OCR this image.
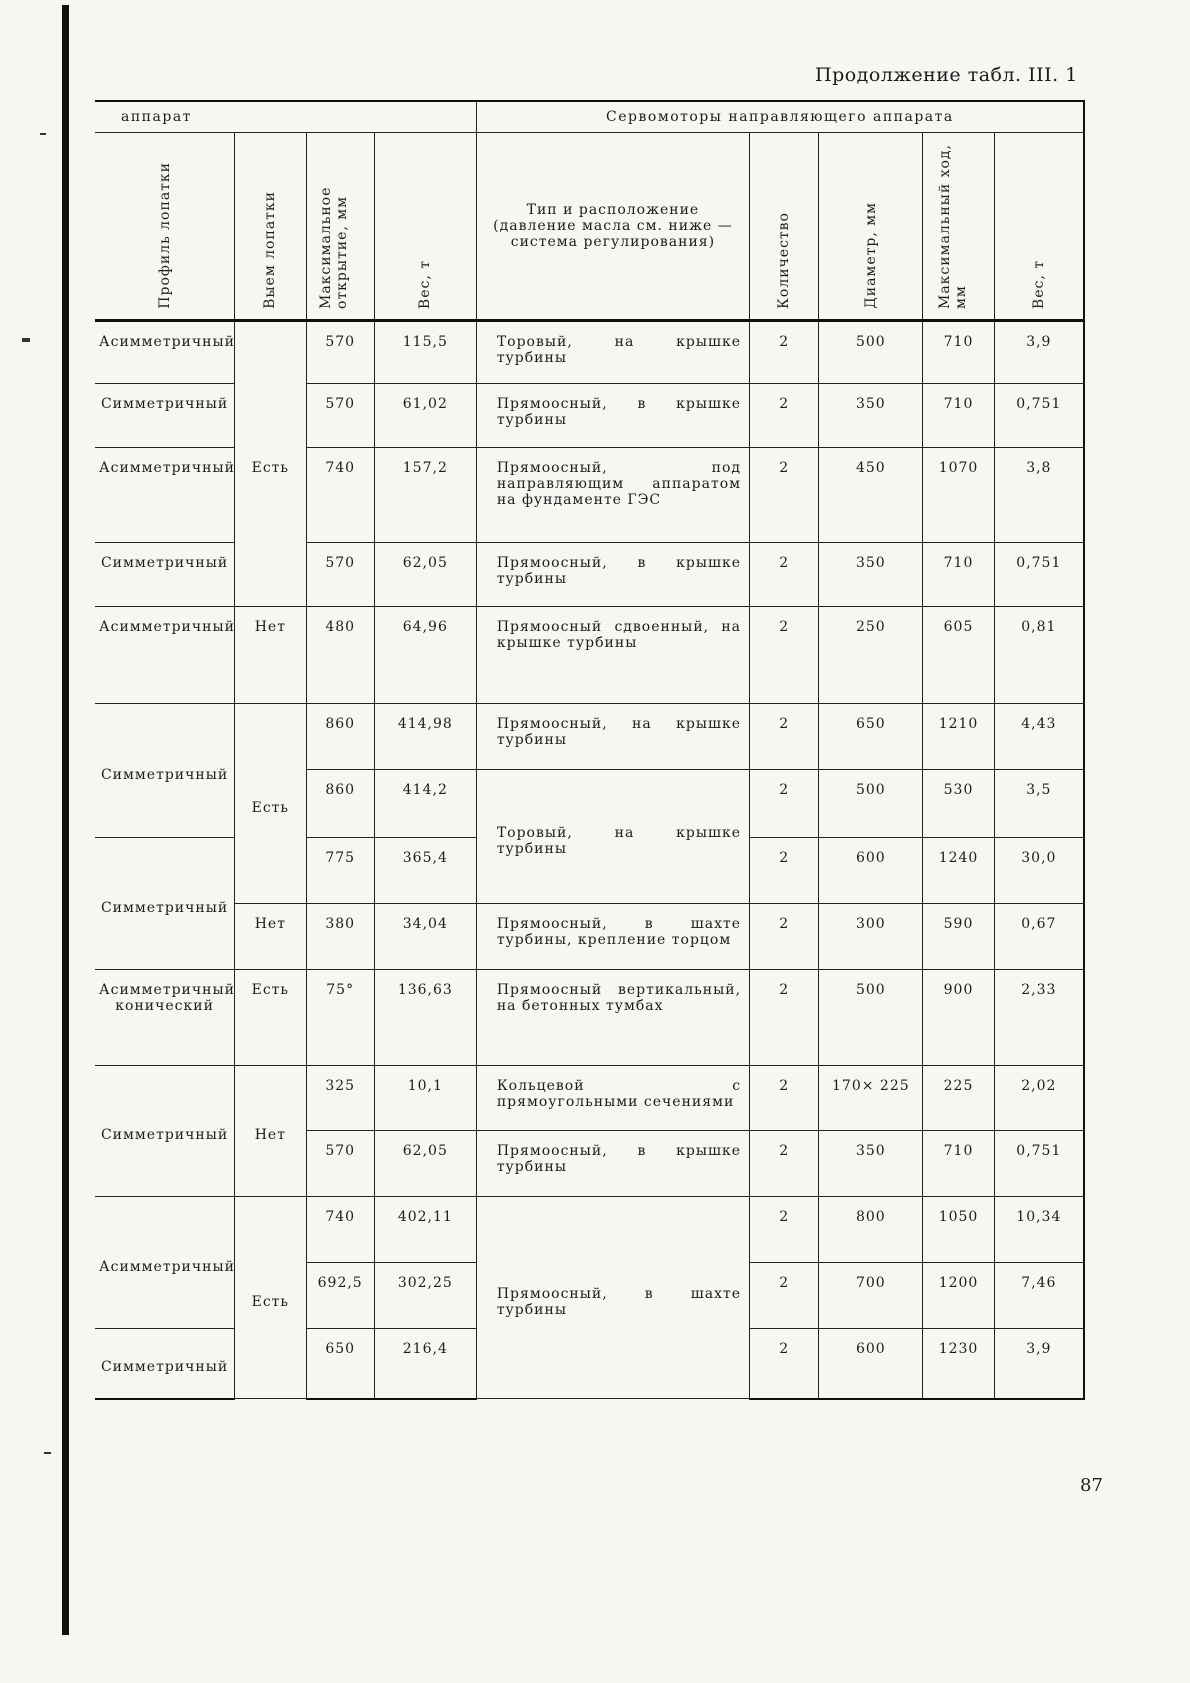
Продолжение табл. III. 1
аппарат				Сервомоторы направляющего аппарата				
Профиль лопатки	Выем лопатки	Максимальное открытие, мм	Вес, т	Тип и расположение (давление масла см. ниже — система регулирования)	Количество	Диаметр, мм	Максимальный ход, мм	Вес, т
Асимметричный	Есть	570	115,5	Торовый, на крышке турбины	2	500	710	3,9
Симметричный		570	61,02	Прямоосный, в крышке турбины	2	350	710	0,751
Асимметричный		740	157,2	Прямоосный, под направляющим аппаратом на фундаменте ГЭС	2	450	1070	3,8
Симметричный		570	62,05	Прямоосный, в крышке турбины	2	350	710	0,751
Асимметричный	Нет	480	64,96	Прямоосный сдвоенный, на крышке турбины	2	250	605	0,81
Симметричный	Есть	860	414,98	Прямоосный, на крышке турбины	2	650	1210	4,43
		860	414,2	Торовый, на крышке турбины	2	500	530	3,5
Симметричный		775	365,4		2	600	1240	30,0
	Нет	380	34,04	Прямоосный, в шахте турбины, крепление торцом	2	300	590	0,67
Асимметричный конический	Есть	75°	136,63	Прямоосный вертикальный, на бетонных тумбах	2	500	900	2,33
Симметричный	Нет	325	10,1	Кольцевой с прямоугольными сечениями	2	170× 225	225	2,02
		570	62,05	Прямоосный, в крышке турбины	2	350	710	0,751
Асимметричный	Есть	740	402,11	Прямоосный, в шахте турбины	2	800	1050	10,34
		692,5	302,25		2	700	1200	7,46
Симметричный		650	216,4		2	600	1230	3,9
87
